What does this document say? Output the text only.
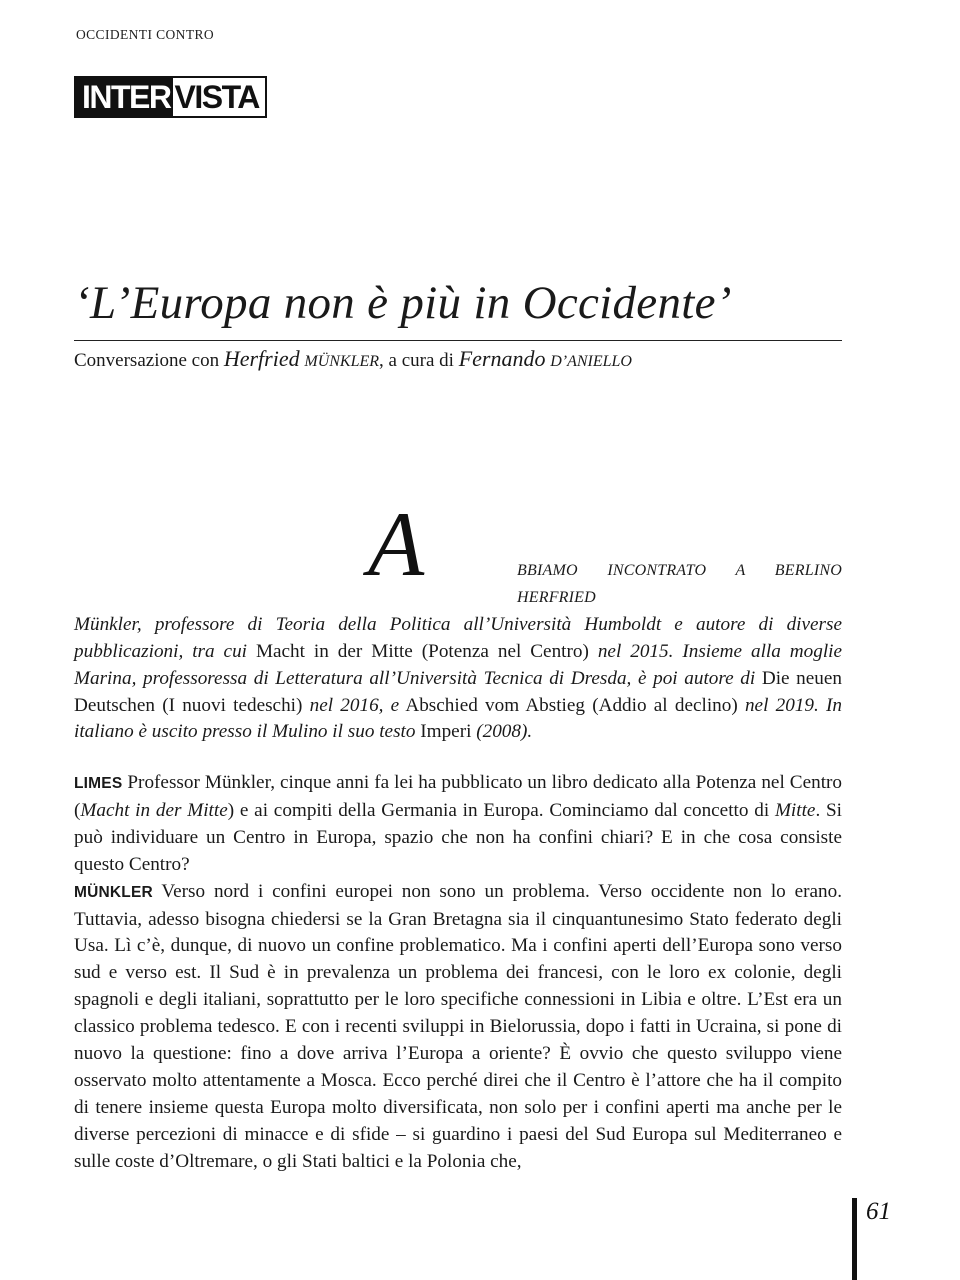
OCCIDENTI CONTRO
INTER VISTA
‘L’Europa non è più in Occidente’
Conversazione con Herfried MÜNKLER, a cura di Fernando D’ANIELLO
A	BBIAMO INCONTRATO A BERLINO HERFRIED
Münkler, professore di Teoria della Politica all’Università Humboldt e autore di diverse pubblicazioni, tra cui Macht in der Mitte (Potenza nel Centro) nel 2015. Insieme alla moglie Marina, professoressa di Letteratura all’Università Tecnica di Dresda, è poi autore di Die neuen Deutschen (I nuovi tedeschi) nel 2016, e Abschied vom Abstieg (Addio al declino) nel 2019. In italiano è uscito presso il Mulino il suo testo Imperi (2008).

LIMES Professor Münkler, cinque anni fa lei ha pubblicato un libro dedicato alla Potenza nel Centro (Macht in der Mitte) e ai compiti della Germania in Europa. Cominciamo dal concetto di Mitte. Si può individuare un Centro in Europa, spazio che non ha confini chiari? E in che cosa consiste questo Centro?

MÜNKLER Verso nord i confini europei non sono un problema. Verso occidente non lo erano. Tuttavia, adesso bisogna chiedersi se la Gran Bretagna sia il cinquantunesimo Stato federato degli Usa. Lì c’è, dunque, di nuovo un confine problematico. Ma i confini aperti dell’Europa sono verso sud e verso est. Il Sud è in prevalenza un problema dei francesi, con le loro ex colonie, degli spagnoli e degli italiani, soprattutto per le loro specifiche connessioni in Libia e oltre. L’Est era un classico problema tedesco. E con i recenti sviluppi in Bielorussia, dopo i fatti in Ucraina, si pone di nuovo la questione: fino a dove arriva l’Europa a oriente? È ovvio che questo sviluppo viene osservato molto attentamente a Mosca. Ecco perché direi che il Centro è l’attore che ha il compito di tenere insieme questa Europa molto diversificata, non solo per i confini aperti ma anche per le diverse percezioni di minacce e di sfide – si guardino i paesi del Sud Europa sul Mediterraneo e sulle coste d’Oltremare, o gli Stati baltici e la Polonia che,

61
